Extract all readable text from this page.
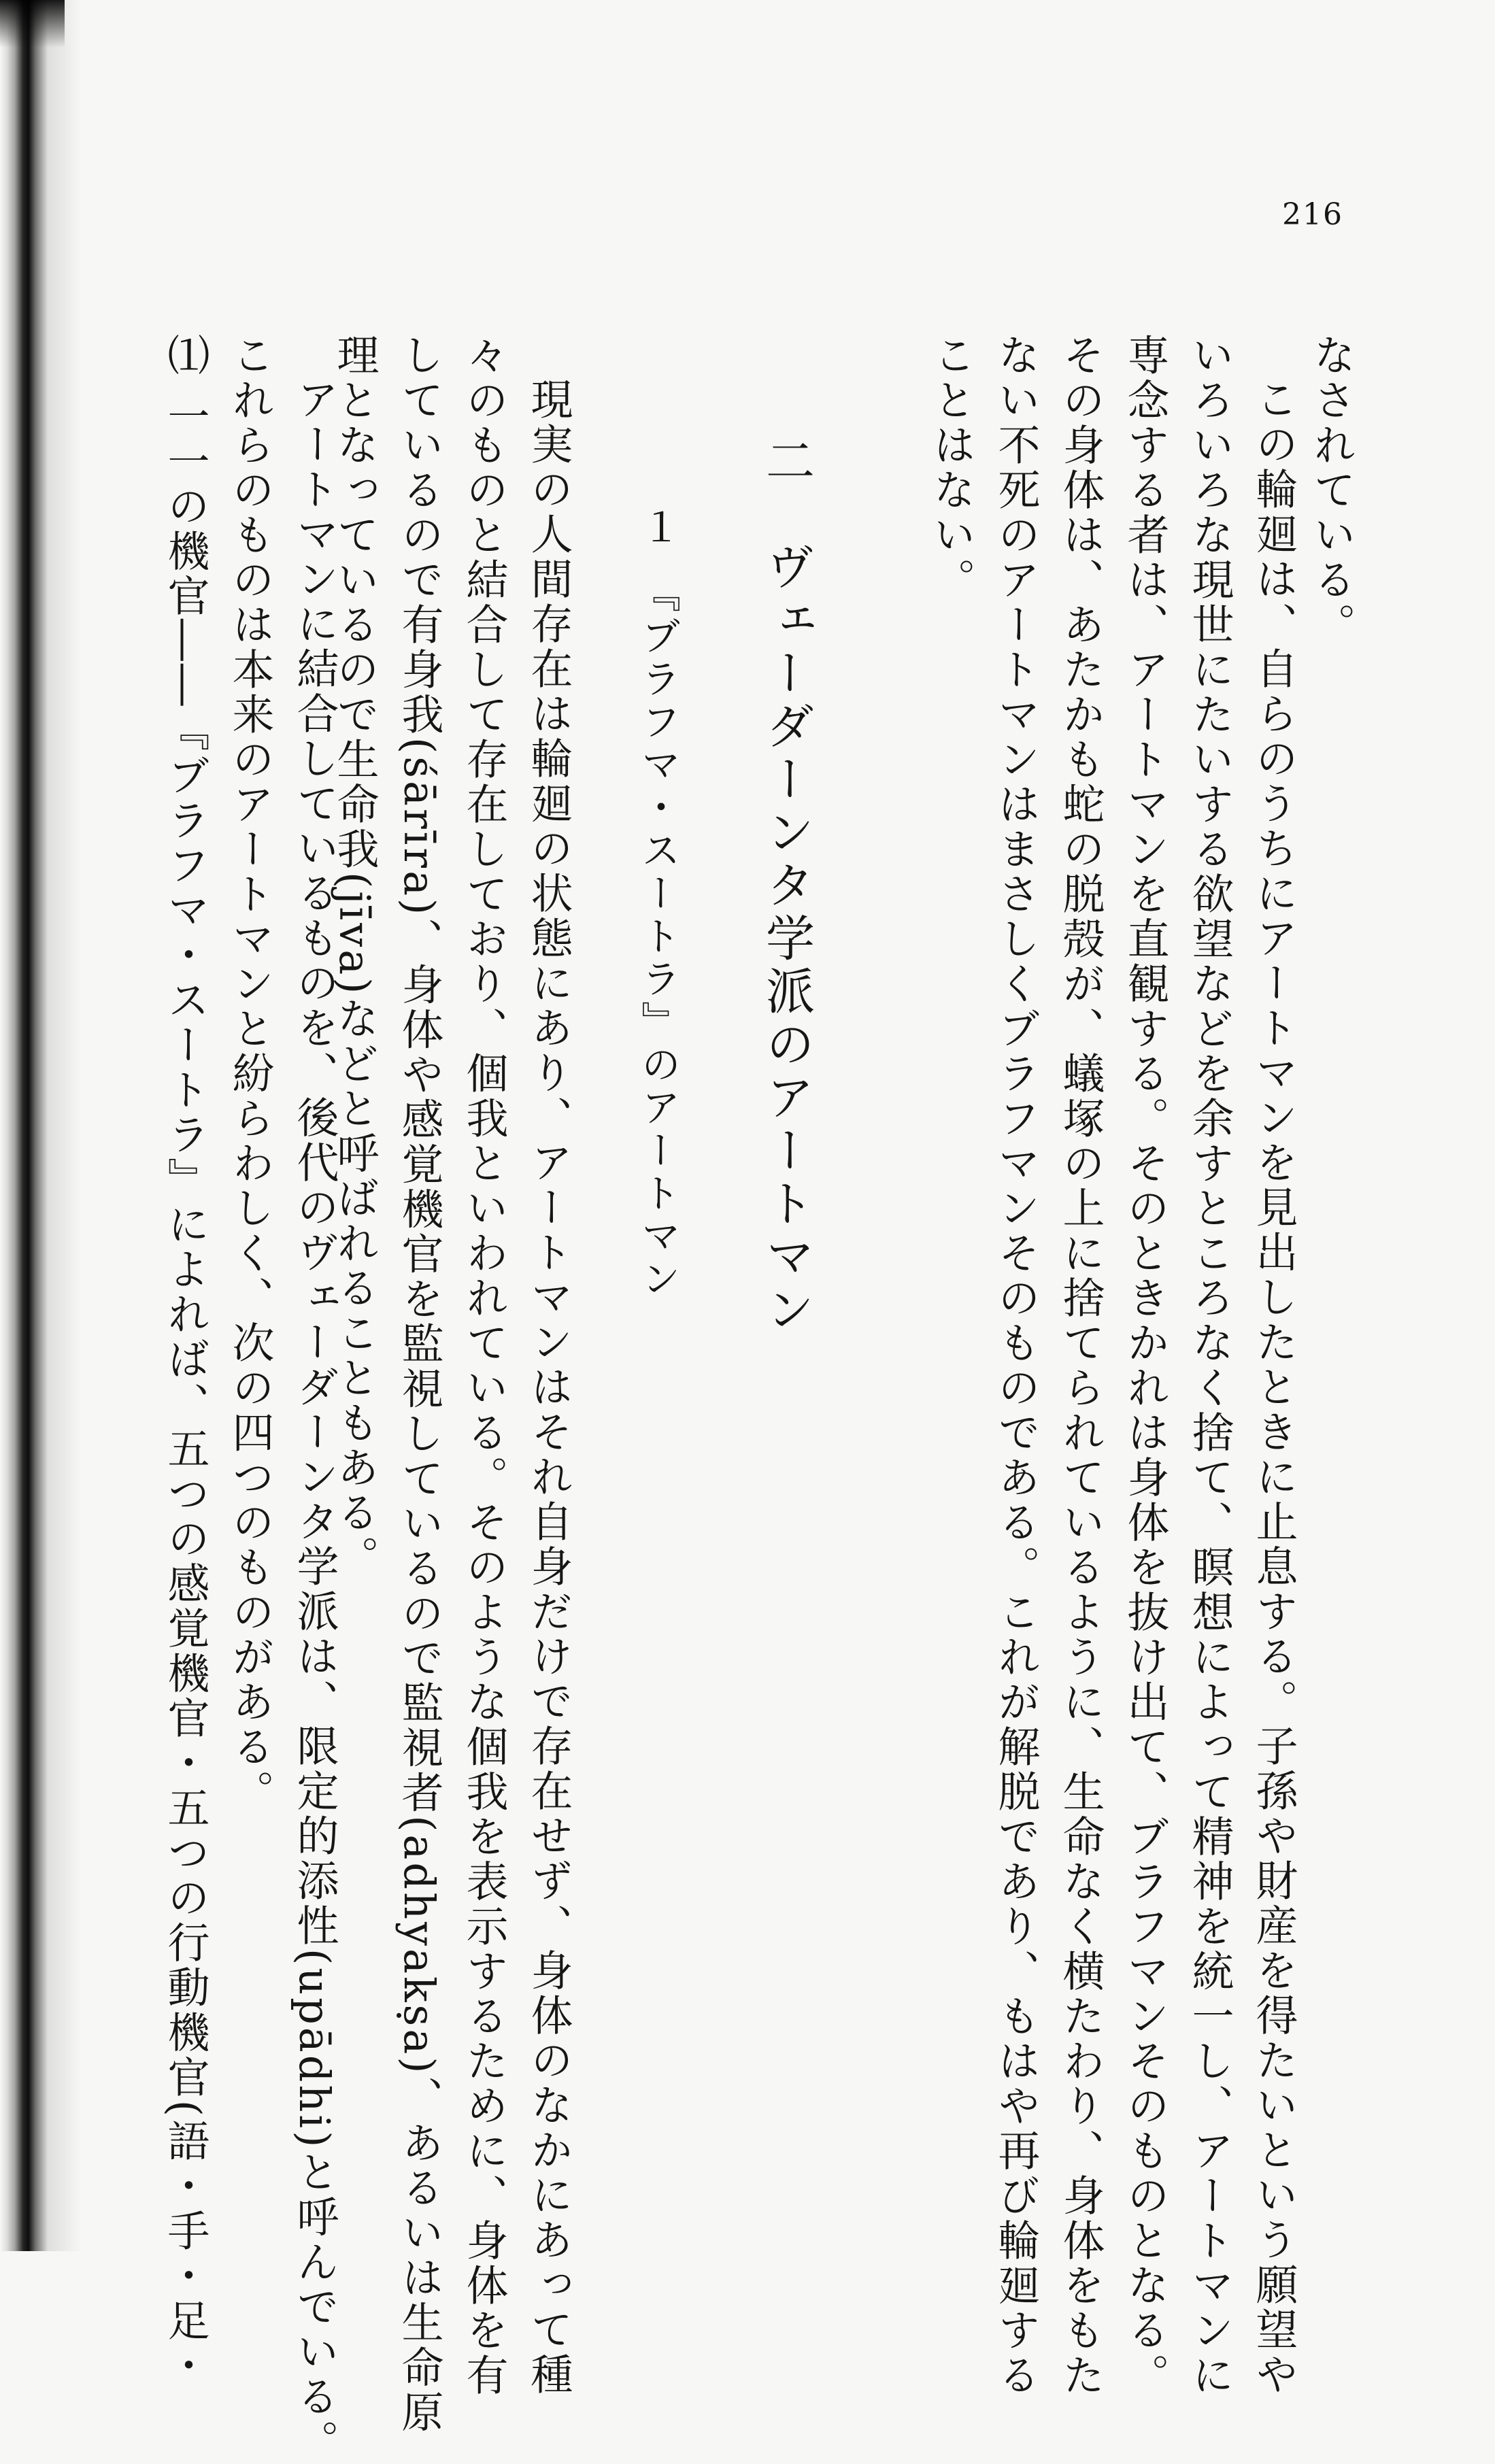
216
なされている。
この輪廻は、自らのうちにアートマンを見出したときに止息する。子孫や財産を得たいという願望や
いろいろな現世にたいする欲望などを余すところなく捨て、瞑想によって精神を統一し、アートマンに
専念する者は、アートマンを直観する。そのときかれは身体を抜け出て、ブラフマンそのものとなる。
その身体は、あたかも蛇の脱殻が、蟻塚の上に捨てられているように、生命なく横たわり、身体をもた
ない不死のアートマンはまさしくブラフマンそのものである。これが解脱であり、もはや再び輪廻する
ことはない。
二　ヴェーダーンタ学派のアートマン
１　『ブラフマ・スートラ』のアートマン
現実の人間存在は輪廻の状態にあり、アートマンはそれ自身だけで存在せず、身体のなかにあって種
々のものと結合して存在しており、個我といわれている。そのような個我を表示するために、身体を有
しているので有身我(śārīra)、身体や感覚機官を監視しているので監視者(adhyakṣa)、あるいは生命原
理となっているので生命我(jīva)などと呼ばれることもある。
アートマンに結合しているものを、後代のヴェーダーンタ学派は、限定的添性(upādhi)と呼んでいる。
これらのものは本来のアートマンと紛らわしく、次の四つのものがある。
⑴ 一一の機官――『ブラフマ・スートラ』によれば、五つの感覚機官・五つの行動機官(語・手・足・
